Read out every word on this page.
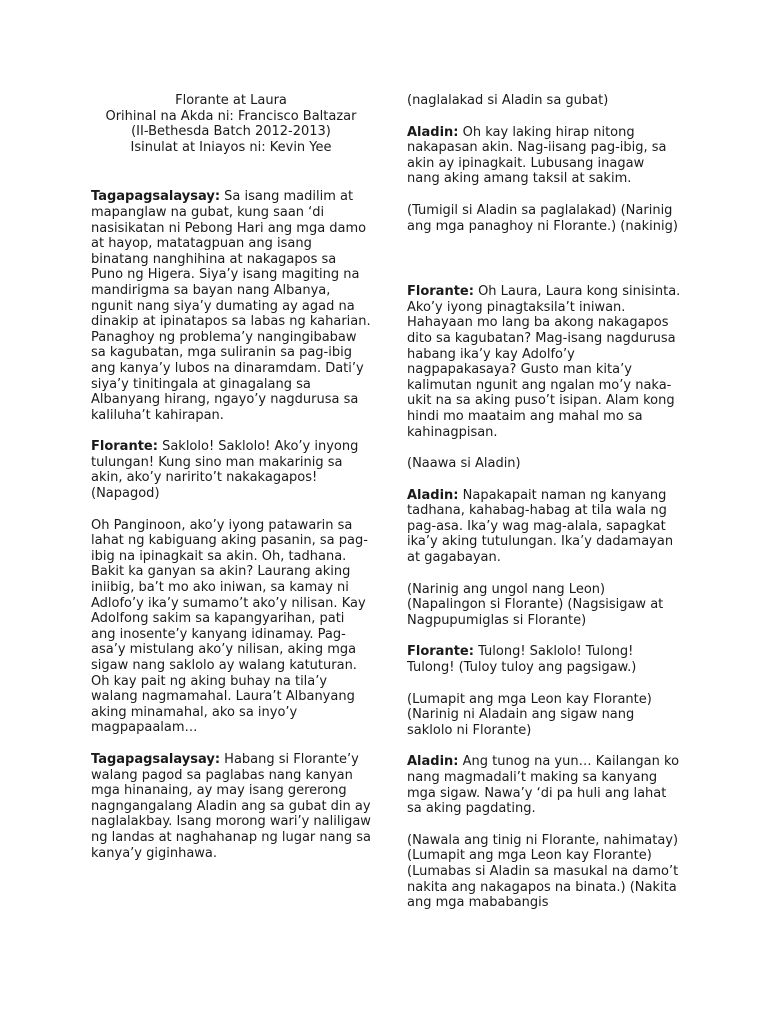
Florante at Laura
Orihinal na Akda ni: Francisco Baltazar
(II-Bethesda Batch 2012-2013)
Isinulat at Iniayos ni: Kevin Yee

Tagapagsalaysay: Sa isang madilim at mapanglaw na gubat, kung saan ‘di nasisikatan ni Pebong Hari ang mga damo at hayop, matatagpuan ang isang binatang nanghihina at nakagapos sa Puno ng Higera. Siya’y isang magiting na mandirigma sa bayan nang Albanya, ngunit nang siya’y dumating ay agad na dinakip at ipinatapos sa labas ng kaharian. Panaghoy ng problema’y nangingibabaw sa kagubatan, mga suliranin sa pag-ibig ang kanya’y lubos na dinaramdam. Dati’y siya’y tinitingala at ginagalang sa Albanyang hirang, ngayo’y nagdurusa sa kaliluha’t kahirapan.

Florante: Saklolo! Saklolo! Ako’y inyong tulungan! Kung sino man makarinig sa akin, ako’y naririto’t nakakagapos! (Napagod)

Oh Panginoon, ako’y iyong patawarin sa lahat ng kabiguang aking pasanin, sa pag-ibig na ipinagkait sa akin. Oh, tadhana. Bakit ka ganyan sa akin? Laurang aking iniibig, ba’t mo ako iniwan, sa kamay ni Adlofo’y ika’y sumamo’t ako’y nilisan. Kay Adolfong sakim sa kapangyarihan, pati ang inosente’y kanyang idinamay. Pag-asa’y mistulang ako’y nilisan, aking mga sigaw nang saklolo ay walang katuturan. Oh kay pait ng aking buhay na tila’y walang nagmamahal. Laura’t Albanyang aking minamahal, ako sa inyo’y magpapaalam…

Tagapagsalaysay: Habang si Florante’y walang pagod sa paglabas nang kanyan mga hinanaing, ay may isang gererong nagngangalang Aladin ang sa gubat din ay naglalakbay. Isang morong wari’y naliligaw ng landas at naghahanap ng lugar nang sa kanya’y giginhawa.

(naglalakad si Aladin sa gubat)

Aladin: Oh kay laking hirap nitong nakapasan akin. Nag-iisang pag-ibig, sa akin ay ipinagkait. Lubusang inagaw nang aking amang taksil at sakim.

(Tumigil si Aladin sa paglalakad) (Narinig ang mga panaghoy ni Florante.) (nakinig)

Florante: Oh Laura, Laura kong sinisinta. Ako’y iyong pinagtaksila’t iniwan. Hahayaan mo lang ba akong nakagapos dito sa kagubatan? Mag-isang nagdurusa habang ika’y kay Adolfo’y nagpapakasaya? Gusto man kita’y kalimutan ngunit ang ngalan mo’y naka-ukit na sa aking puso’t isipan. Alam kong hindi mo maataim ang mahal mo sa kahinagpisan.

(Naawa si Aladin)

Aladin: Napakapait naman ng kanyang tadhana, kahabag-habag at tila wala ng pag-asa. Ika’y wag mag-alala, sapagkat ika’y aking tutulungan. Ika’y dadamayan at gagabayan.

(Narinig ang ungol nang Leon) (Napalingon si Florante) (Nagsisigaw at Nagpupumiglas si Florante)

Florante: Tulong! Saklolo! Tulong! Tulong! (Tuloy tuloy ang pagsigaw.)

(Lumapit ang mga Leon kay Florante) (Narinig ni Aladain ang sigaw nang saklolo ni Florante)

Aladin: Ang tunog na yun… Kailangan ko nang magmadali’t making sa kanyang mga sigaw. Nawa’y ‘di pa huli ang lahat sa aking pagdating.

(Nawala ang tinig ni Florante, nahimatay) (Lumapit ang mga Leon kay Florante) (Lumabas si Aladin sa masukal na damo’t nakita ang nakagapos na binata.) (Nakita ang mga mababangis
